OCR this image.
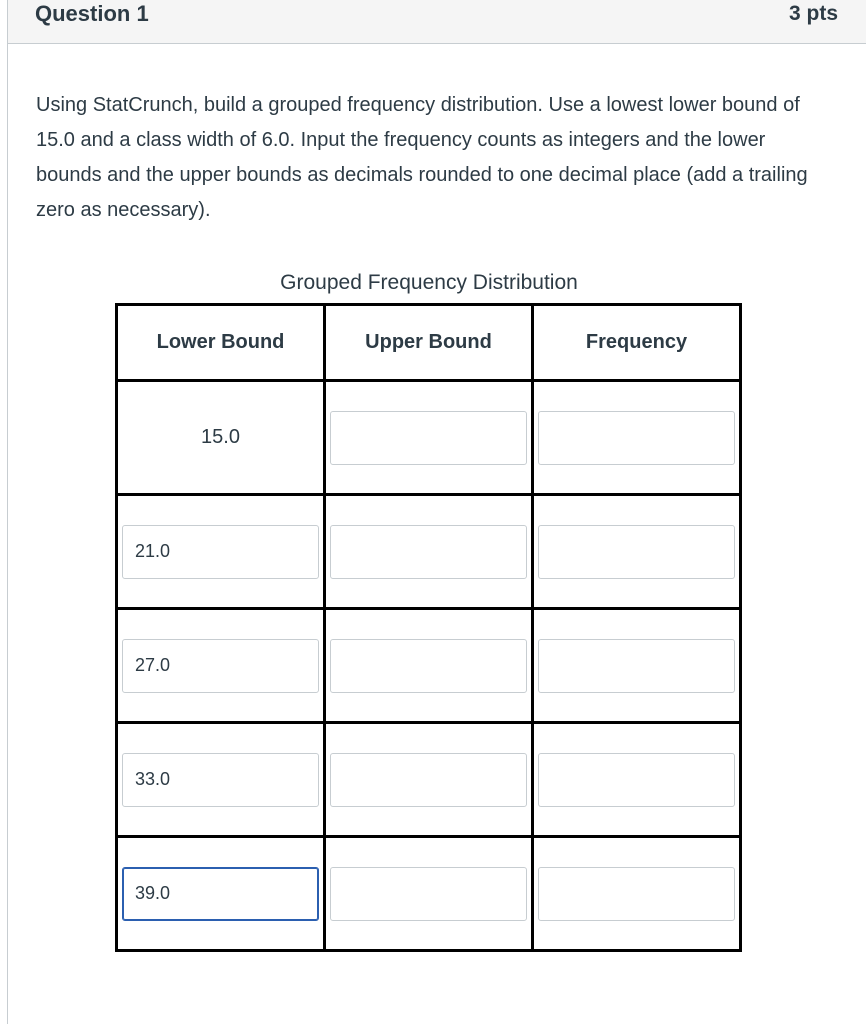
Question 1	3 pts

Using StatCrunch, build a grouped frequency distribution. Use a lowest lower bound of 15.0 and a class width of 6.0. Input the frequency counts as integers and the lower bounds and the upper bounds as decimals rounded to one decimal place (add a trailing zero as necessary).

Grouped Frequency Distribution
Lower Bound	Upper Bound	Frequency
15.0	

21.0	

27.0	

33.0	

39.0	
